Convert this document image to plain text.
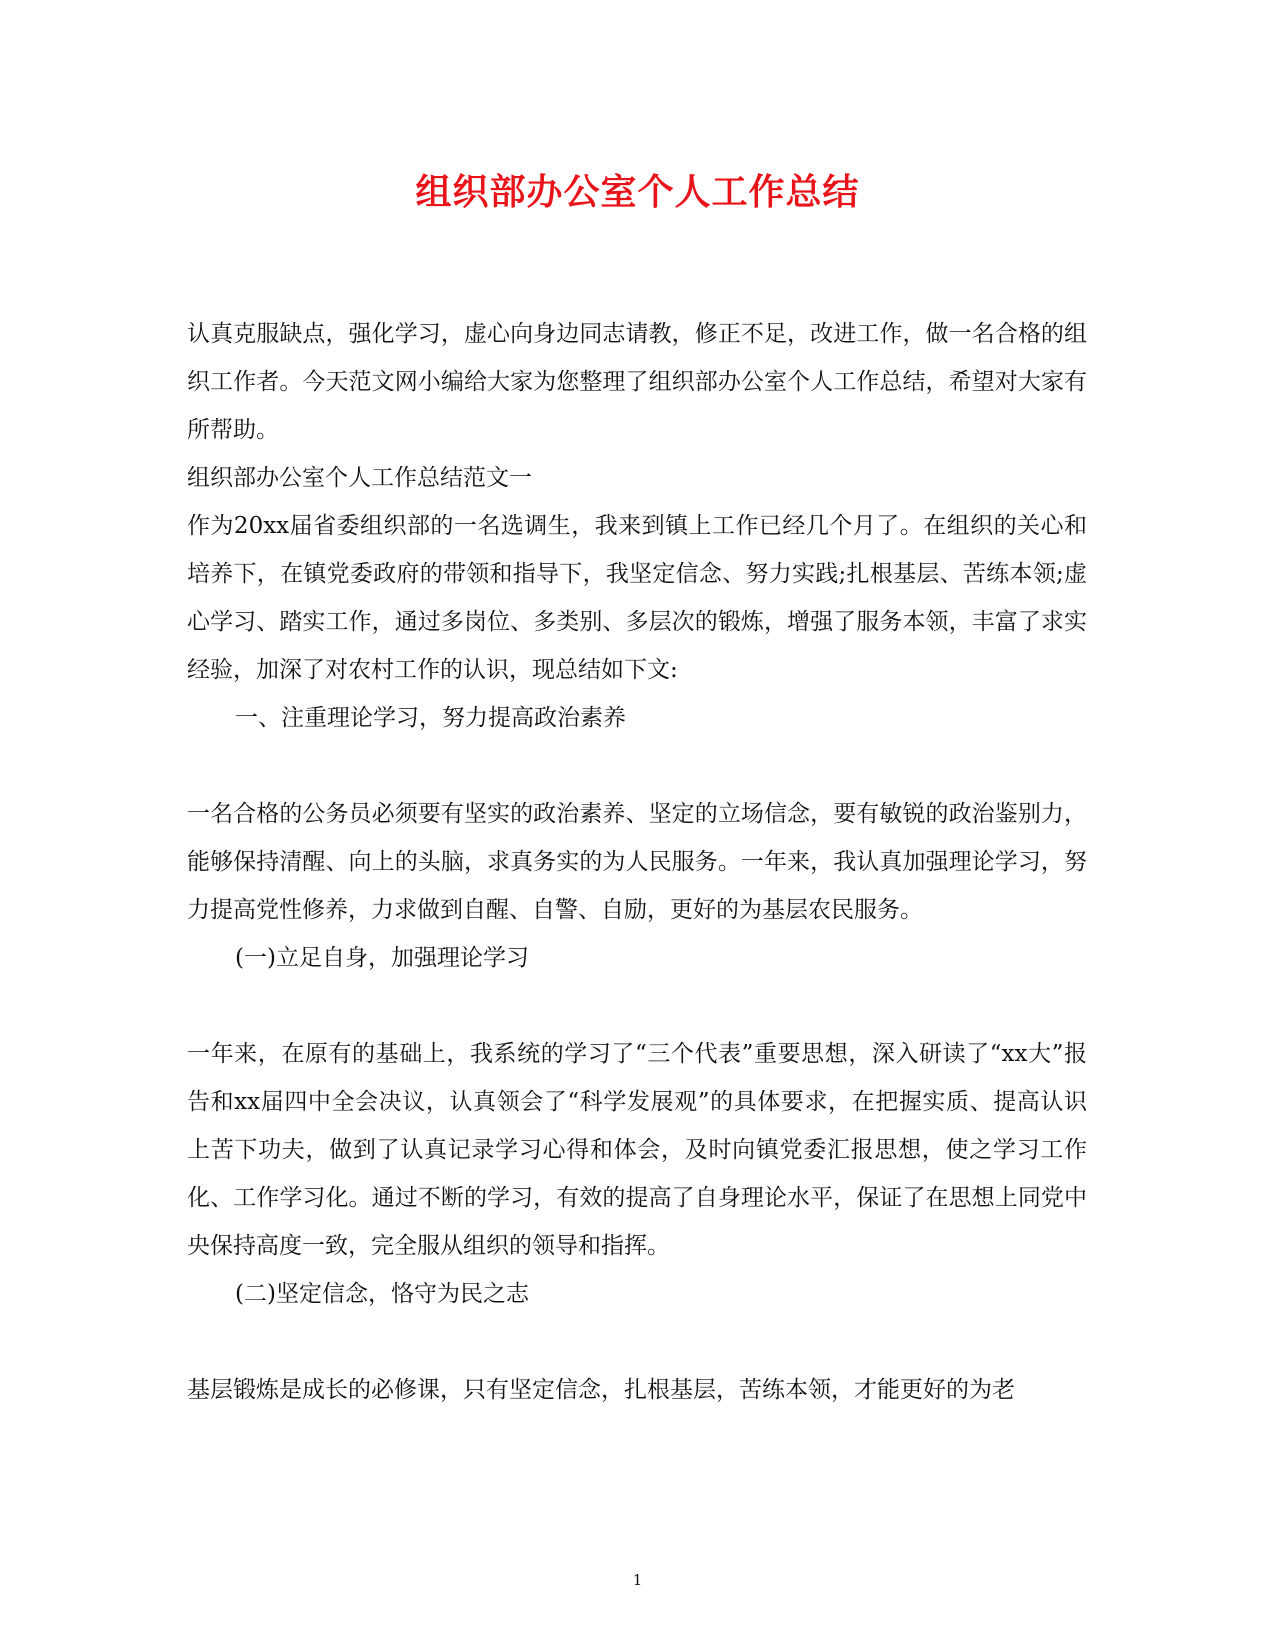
组织部办公室个人工作总结

认真克服缺点，强化学习，虚心向身边同志请教，修正不足，改进工作，做一名合格的组织工作者。今天范文网小编给大家为您整理了组织部办公室个人工作总结，希望对大家有所帮助。

组织部办公室个人工作总结范文一

作为20xx届省委组织部的一名选调生，我来到镇上工作已经几个月了。在组织的关心和培养下，在镇党委政府的带领和指导下，我坚定信念、努力实践;扎根基层、苦练本领;虚心学习、踏实工作，通过多岗位、多类别、多层次的锻炼，增强了服务本领，丰富了求实经验，加深了对农村工作的认识，现总结如下文:

一、注重理论学习，努力提高政治素养

一名合格的公务员必须要有坚实的政治素养、坚定的立场信念，要有敏锐的政治鉴别力，能够保持清醒、向上的头脑，求真务实的为人民服务。一年来，我认真加强理论学习，努力提高党性修养，力求做到自醒、自警、自励，更好的为基层农民服务。

(一)立足自身，加强理论学习

一年来，在原有的基础上，我系统的学习了“三个代表”重要思想，深入研读了“xx大”报告和xx届四中全会决议，认真领会了“科学发展观”的具体要求，在把握实质、提高认识上苦下功夫，做到了认真记录学习心得和体会，及时向镇党委汇报思想，使之学习工作化、工作学习化。通过不断的学习，有效的提高了自身理论水平，保证了在思想上同党中央保持高度一致，完全服从组织的领导和指挥。

(二)坚定信念，恪守为民之志

基层锻炼是成长的必修课，只有坚定信念，扎根基层，苦练本领，才能更好的为老

1
